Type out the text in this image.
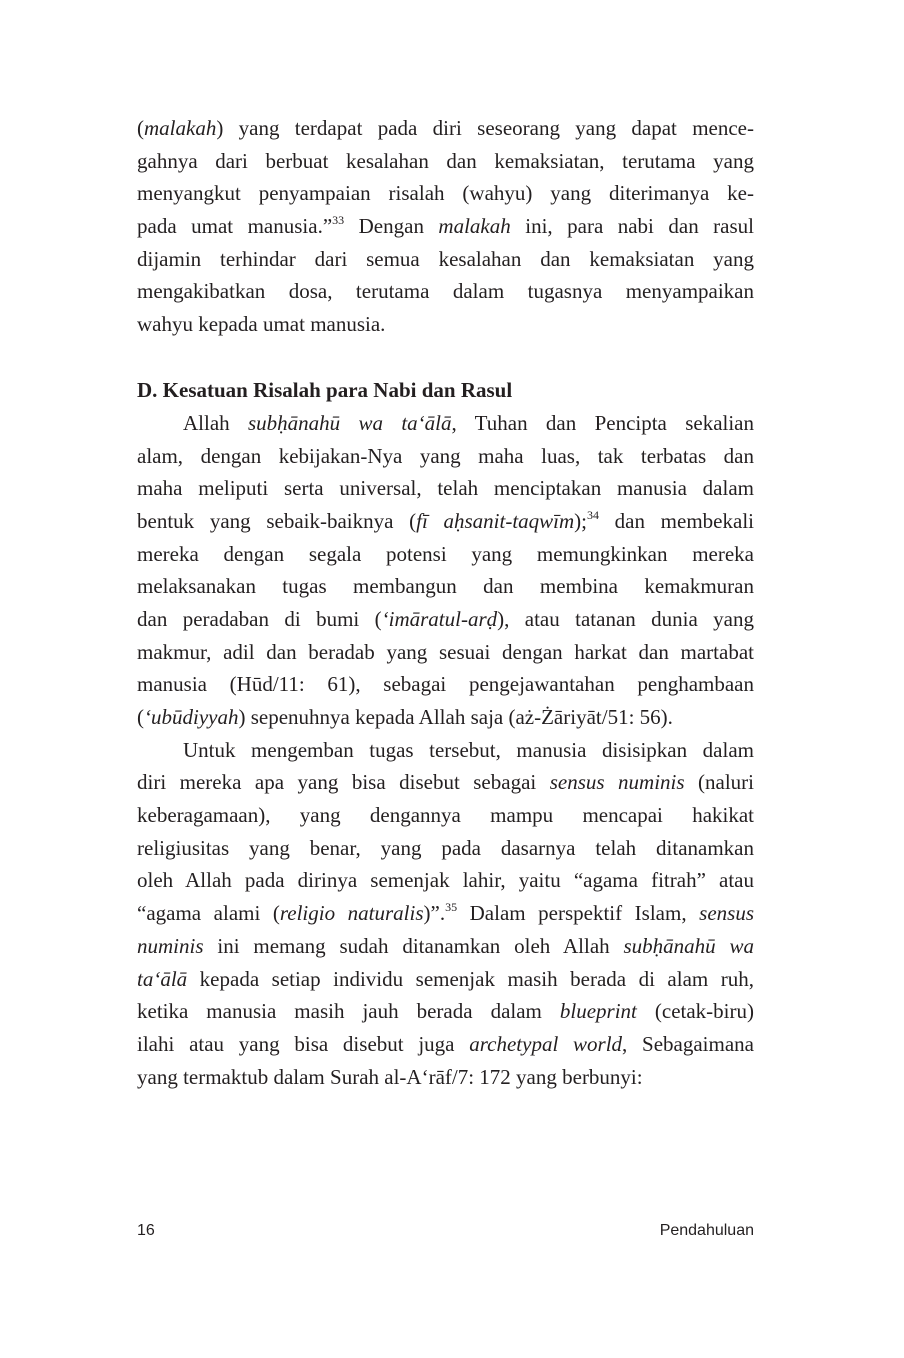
(malakah) yang terdapat pada diri seseorang yang dapat mence-
gahnya dari berbuat kesalahan dan kemaksiatan, terutama yang
menyangkut penyampaian risalah (wahyu) yang diterimanya ke-
pada umat manusia.”$^{33}$ Dengan malakah ini, para nabi dan rasul
dijamin terhindar dari semua kesalahan dan kemaksiatan yang
mengakibatkan dosa, terutama dalam tugasnya menyampaikan
wahyu kepada umat manusia.
D. Kesatuan Risalah para Nabi dan Rasul
Allah subḥānahū wa ta‘ālā, Tuhan dan Pencipta sekalian
alam, dengan kebijakan-Nya yang maha luas, tak terbatas dan
maha meliputi serta universal, telah menciptakan manusia dalam
bentuk yang sebaik-baiknya (fī aḥsanit-taqwīm);$^{34}$ dan membekali
mereka dengan segala potensi yang memungkinkan mereka
melaksanakan tugas membangun dan membina kemakmuran
dan peradaban di bumi (‘imāratul-arḍ), atau tatanan dunia yang
makmur, adil dan beradab yang sesuai dengan harkat dan martabat
manusia (Hūd/11: 61), sebagai pengejawantahan penghambaan
(‘ubūdiyyah) sepenuhnya kepada Allah saja (aż-Żāriyāt/51: 56).
Untuk mengemban tugas tersebut, manusia disisipkan dalam
diri mereka apa yang bisa disebut sebagai sensus numinis (naluri
keberagamaan), yang dengannya mampu mencapai hakikat
religiusitas yang benar, yang pada dasarnya telah ditanamkan
oleh Allah pada dirinya semenjak lahir, yaitu “agama fitrah” atau
“agama alami (religio naturalis)”.$^{35}$ Dalam perspektif Islam, sensus
numinis ini memang sudah ditanamkan oleh Allah subḥānahū wa
ta‘ālā kepada setiap individu semenjak masih berada di alam ruh,
ketika manusia masih jauh berada dalam blueprint (cetak-biru)
ilahi atau yang bisa disebut juga archetypal world, Sebagaimana
yang termaktub dalam Surah al-A‘rāf/7: 172 yang berbunyi:
16	Pendahuluan
